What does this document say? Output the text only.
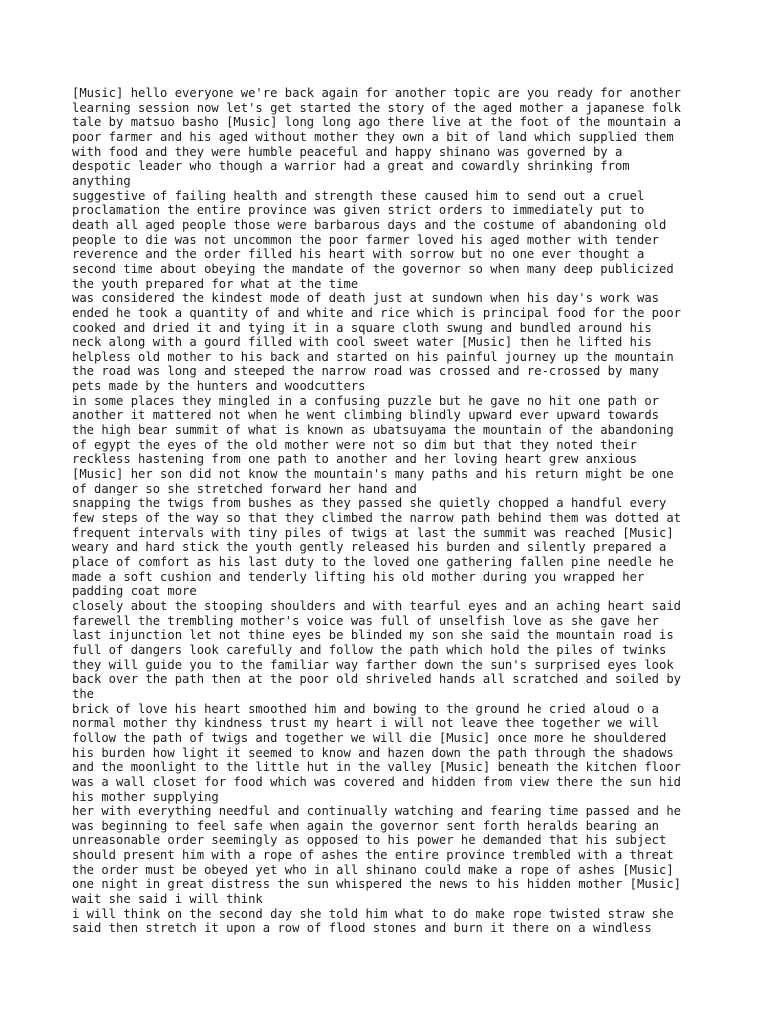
[Music] hello everyone we're back again for another topic are you ready for another
learning session now let's get started the story of the aged mother a japanese folk
tale by matsuo basho [Music] long long ago there live at the foot of the mountain a
poor farmer and his aged without mother they own a bit of land which supplied them
with food and they were humble peaceful and happy shinano was governed by a
despotic leader who though a warrior had a great and cowardly shrinking from
anything
suggestive of failing health and strength these caused him to send out a cruel
proclamation the entire province was given strict orders to immediately put to
death all aged people those were barbarous days and the costume of abandoning old
people to die was not uncommon the poor farmer loved his aged mother with tender
reverence and the order filled his heart with sorrow but no one ever thought a
second time about obeying the mandate of the governor so when many deep publicized
the youth prepared for what at the time
was considered the kindest mode of death just at sundown when his day's work was
ended he took a quantity of and white and rice which is principal food for the poor
cooked and dried it and tying it in a square cloth swung and bundled around his
neck along with a gourd filled with cool sweet water [Music] then he lifted his
helpless old mother to his back and started on his painful journey up the mountain
the road was long and steeped the narrow road was crossed and re-crossed by many
pets made by the hunters and woodcutters
in some places they mingled in a confusing puzzle but he gave no hit one path or
another it mattered not when he went climbing blindly upward ever upward towards
the high bear summit of what is known as ubatsuyama the mountain of the abandoning
of egypt the eyes of the old mother were not so dim but that they noted their
reckless hastening from one path to another and her loving heart grew anxious
[Music] her son did not know the mountain's many paths and his return might be one
of danger so she stretched forward her hand and
snapping the twigs from bushes as they passed she quietly chopped a handful every
few steps of the way so that they climbed the narrow path behind them was dotted at
frequent intervals with tiny piles of twigs at last the summit was reached [Music]
weary and hard stick the youth gently released his burden and silently prepared a
place of comfort as his last duty to the loved one gathering fallen pine needle he
made a soft cushion and tenderly lifting his old mother during you wrapped her
padding coat more
closely about the stooping shoulders and with tearful eyes and an aching heart said
farewell the trembling mother's voice was full of unselfish love as she gave her
last injunction let not thine eyes be blinded my son she said the mountain road is
full of dangers look carefully and follow the path which hold the piles of twinks
they will guide you to the familiar way farther down the sun's surprised eyes look
back over the path then at the poor old shriveled hands all scratched and soiled by
the
brick of love his heart smoothed him and bowing to the ground he cried aloud o a
normal mother thy kindness trust my heart i will not leave thee together we will
follow the path of twigs and together we will die [Music] once more he shouldered
his burden how light it seemed to know and hazen down the path through the shadows
and the moonlight to the little hut in the valley [Music] beneath the kitchen floor
was a wall closet for food which was covered and hidden from view there the sun hid
his mother supplying
her with everything needful and continually watching and fearing time passed and he
was beginning to feel safe when again the governor sent forth heralds bearing an
unreasonable order seemingly as opposed to his power he demanded that his subject
should present him with a rope of ashes the entire province trembled with a threat
the order must be obeyed yet who in all shinano could make a rope of ashes [Music]
one night in great distress the sun whispered the news to his hidden mother [Music]
wait she said i will think
i will think on the second day she told him what to do make rope twisted straw she
said then stretch it upon a row of flood stones and burn it there on a windless
